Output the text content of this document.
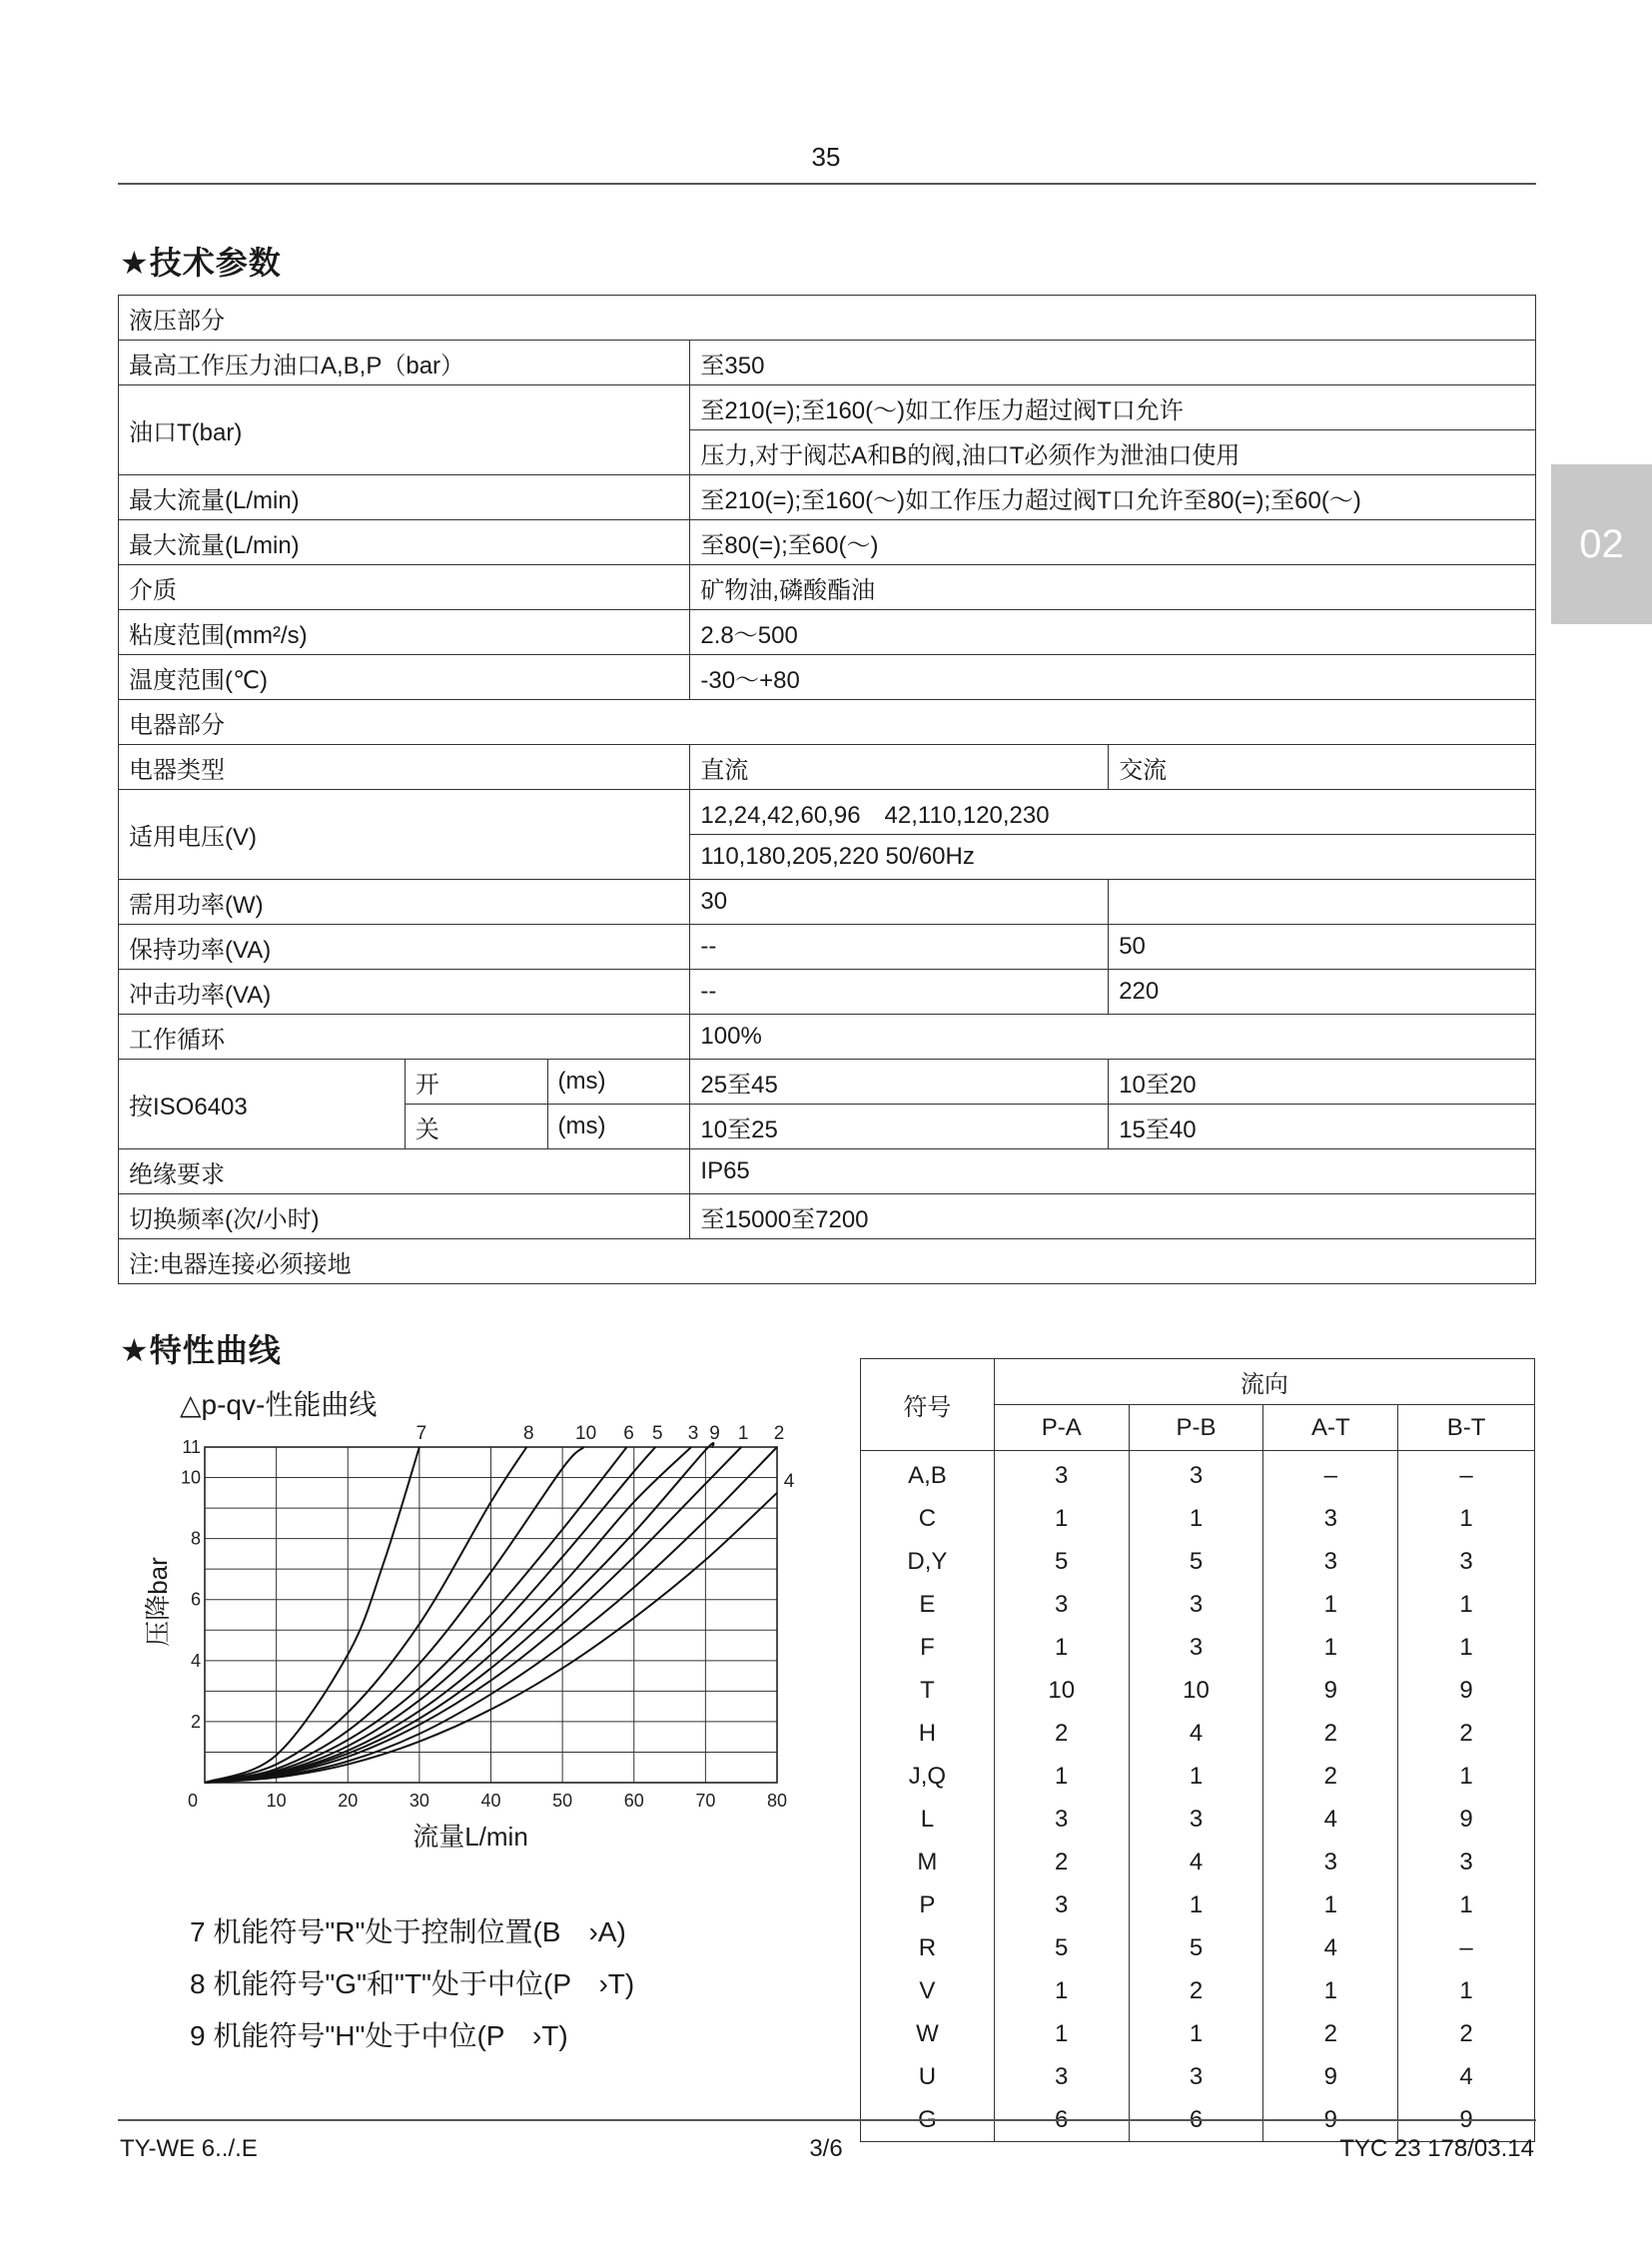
35
02
★技术参数
液压部分				
最高工作压力油口A,B,P（bar）			至350	
油口T(bar)			至210(=);至160(～)如工作压力超过阀T口允许	
			压力,对于阀芯A和B的阀,油口T必须作为泄油口使用	
最大流量(L/min)			至210(=);至160(～)如工作压力超过阀T口允许至80(=);至60(～)	
最大流量(L/min)			至80(=);至60(～)	
介质			矿物油,磷酸酯油	
粘度范围(mm²/s)			2.8～500	
温度范围(℃)			-30～+80	
电器部分				
电器类型			直流	交流
适用电压(V)			12,24,42,60,96　42,110,120,230	
			110,180,205,220 50/60Hz	
需用功率(W)			30	
保持功率(VA)			--	50
冲击功率(VA)			--	220
工作循环			100%	
按ISO6403	开	(ms)	25至45	10至20
	关	(ms)	10至25	15至40
绝缘要求			IP65	
切换频率(次/小时)			至15000至7200	
注:电器连接必须接地				
★特性曲线
△p-qv-性能曲线
0	10	20	30	40	50	60	70	80
2
4
6
8
10
11
7	8 10 6 5 3 9 1 2
4
流量L/min
压降bar
7 机能符号"R"处于控制位置(B　›A)
8 机能符号"G"和"T"处于中位(P　›T)
9 机能符号"H"处于中位(P　›T)
符号	流向			
	P-A	P-B	A-T	B-T
A,B	3	3	–	–
C	1	1	3	1
D,Y	5	5	3	3
E	3	3	1	1
F	1	3	1	1
T	10	10	9	9
H	2	4	2	2
J,Q	1	1	2	1
L	3	3	4	9
M	2	4	3	3
P	3	1	1	1
R	5	5	4	–
V	1	2	1	1
W	1	1	2	2
U	3	3	9	4
G	6	6	9	9
TY-WE 6../.E	3/6	TYC 23 178/03.14
